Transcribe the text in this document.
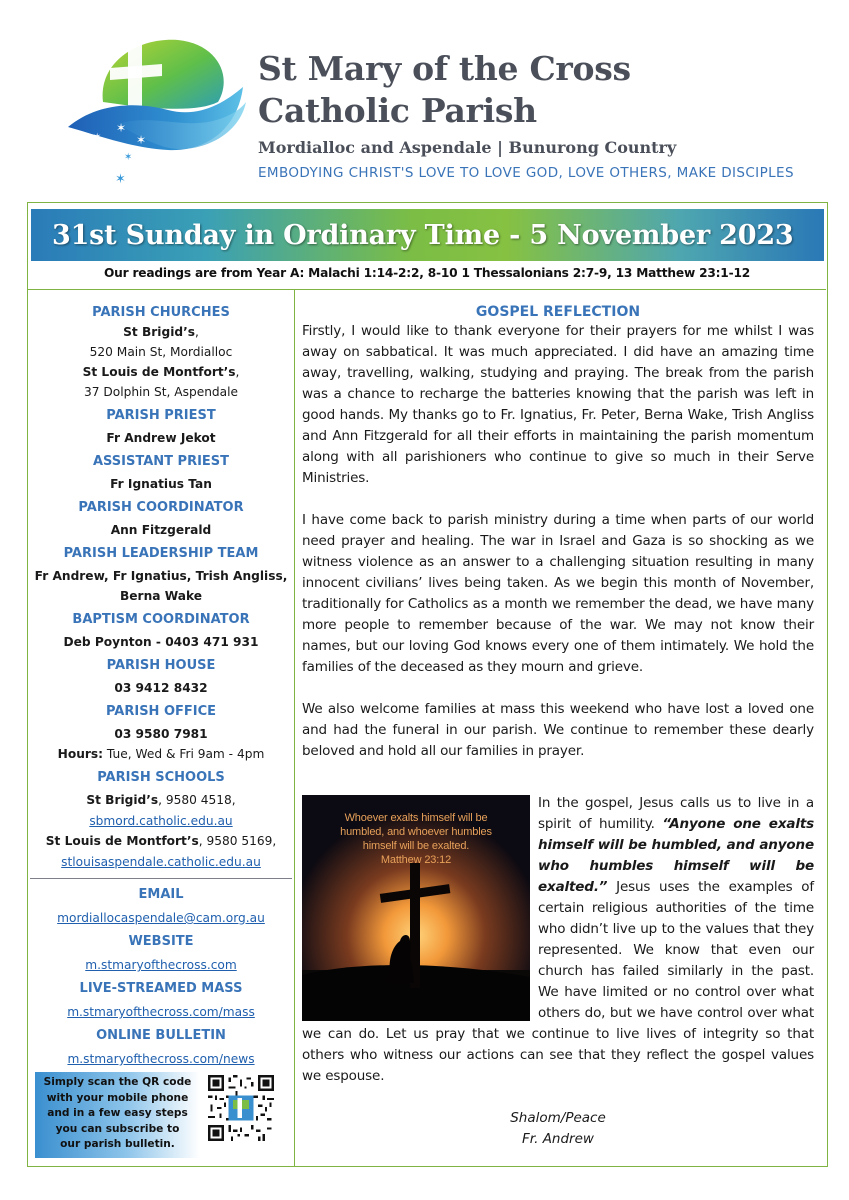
✶
✶
✶
✶
✶
St Mary of the Cross
Catholic Parish
Mordialloc and Aspendale | Bunurong Country
EMBODYING CHRIST'S LOVE TO LOVE GOD, LOVE OTHERS, MAKE DISCIPLES
31st Sunday in Ordinary Time - 5 November 2023
Our readings are from Year A: Malachi 1:14-2:2, 8-10 1 Thessalonians 2:7-9, 13 Matthew 23:1-12
PARISH CHURCHES
St Brigid’s,
520 Main St, Mordialloc
St Louis de Montfort’s,
37 Dolphin St, Aspendale
PARISH PRIEST
Fr Andrew Jekot
ASSISTANT PRIEST
Fr Ignatius Tan
PARISH COORDINATOR
Ann Fitzgerald
PARISH LEADERSHIP TEAM
Fr Andrew, Fr Ignatius, Trish Angliss,
Berna Wake
BAPTISM COORDINATOR
Deb Poynton - 0403 471 931
PARISH HOUSE
03 9412 8432
PARISH OFFICE
03 9580 7981
Hours: Tue, Wed & Fri 9am - 4pm
PARISH SCHOOLS
St Brigid’s, 9580 4518,
sbmord.catholic.edu.au
St Louis de Montfort’s, 9580 5169,
stlouisaspendale.catholic.edu.au
EMAIL
mordiallocaspendale@cam.org.au
WEBSITE
m.stmaryofthecross.com
LIVE-STREAMED MASS
m.stmaryofthecross.com/mass
ONLINE BULLETIN
m.stmaryofthecross.com/news
Simply scan the QR code
with your mobile phone
and in a few easy steps
you can subscribe to
our parish bulletin.
GOSPEL REFLECTION

Firstly, I would like to thank everyone for their prayers for me whilst I was away on sabbatical. It was much appreciated. I did have an amazing time away, travelling, walking, studying and praying. The break from the parish was a chance to recharge the batteries knowing that the parish was left in good hands. My thanks go to Fr. Ignatius, Fr. Peter, Berna Wake, Trish Angliss and Ann Fitzgerald for all their efforts in maintaining the parish momentum along with all parishioners who continue to give so much in their Serve Ministries.

I have come back to parish ministry during a time when parts of our world need prayer and healing. The war in Israel and Gaza is so shocking as we witness violence as an answer to a challenging situation resulting in many innocent civilians’ lives being taken. As we begin this month of November, traditionally for Catholics as a month we remember the dead, we have many more people to remember because of the war. We may not know their names, but our loving God knows every one of them intimately. We hold the families of the deceased as they mourn and grieve.

We also welcome families at mass this weekend who have lost a loved one and had the funeral in our parish. We continue to remember these dearly beloved and hold all our families in prayer.

Whoever exalts himself will be
humbled, and whoever humbles
himself will be exalted.
Matthew 23:12
In the gospel, Jesus calls us to live in a spirit of humility. “Anyone one exalts himself will be humbled, and anyone who humbles himself will be exalted.” Jesus uses the examples of certain religious authorities of the time who didn’t live up to the values that they represented. We know that even our church has failed similarly in the past. We have limited or no control over what others do, but we have control over what we can do. Let us pray that we continue to live lives of integrity so that others who witness our actions can see that they reflect the gospel values we espouse.
Shalom/Peace
Fr. Andrew
